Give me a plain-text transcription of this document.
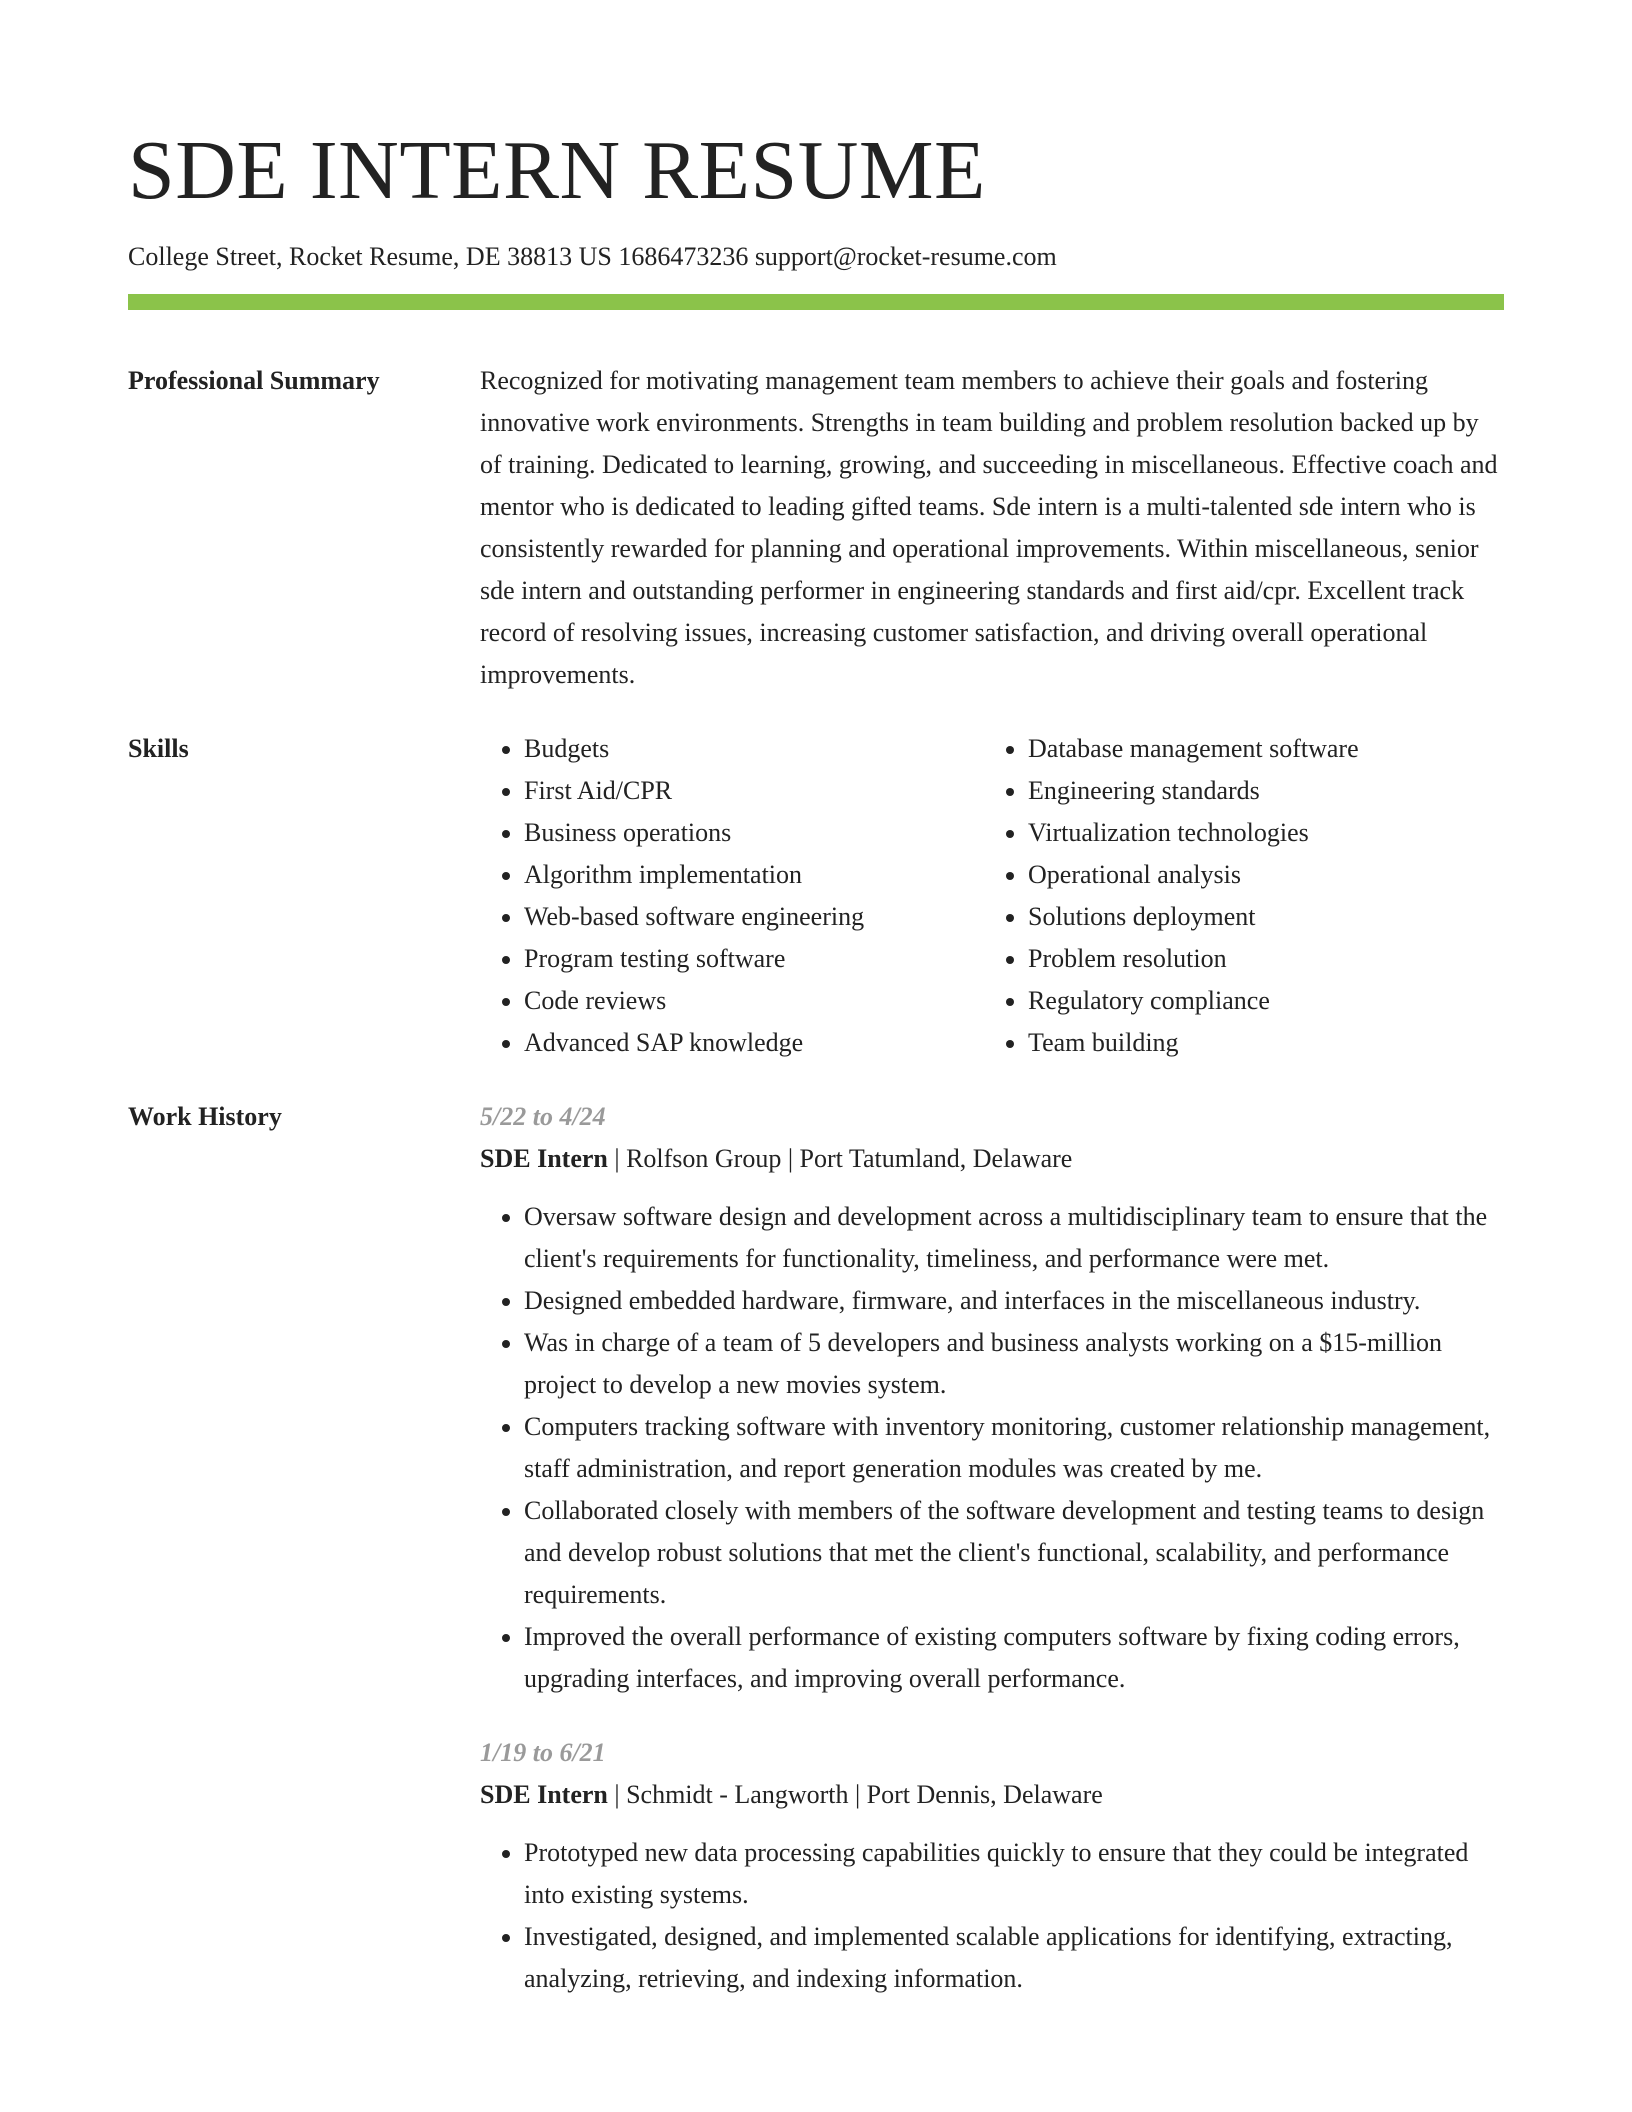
SDE INTERN RESUME
College Street, Rocket Resume, DE 38813 US 1686473236 support@rocket-resume.com
Professional Summary	Recognized for motivating management team members to achieve their goals and fostering innovative work environments. Strengths in team building and problem resolution backed up by of training. Dedicated to learning, growing, and succeeding in miscellaneous. Effective coach and mentor who is dedicated to leading gifted teams. Sde intern is a multi-talented sde intern who is consistently rewarded for planning and operational improvements. Within miscellaneous, senior sde intern and outstanding performer in engineering standards and first aid/cpr. Excellent track record of resolving issues, increasing customer satisfaction, and driving overall operational improvements.

Skills
•	Budgets
• First Aid/CPR
• Business operations
• Algorithm implementation
• Web-based software engineering
• Program testing software
• Code reviews
• Advanced SAP knowledge
• Database management software
• Engineering standards
• Virtualization technologies
• Operational analysis
• Solutions deployment
• Problem resolution
• Regulatory compliance
• Team building
Work History	5/22 to 4/24
SDE Intern | Rolfson Group | Port Tatumland, Delaware
• Oversaw software design and development across a multidisciplinary team to ensure that the client's requirements for functionality, timeliness, and performance were met.
• Designed embedded hardware, firmware, and interfaces in the miscellaneous industry.
• Was in charge of a team of 5 developers and business analysts working on a $15-million project to develop a new movies system.
• Computers tracking software with inventory monitoring, customer relationship management, staff administration, and report generation modules was created by me.
• Collaborated closely with members of the software development and testing teams to design and develop robust solutions that met the client's functional, scalability, and performance requirements.
• Improved the overall performance of existing computers software by fixing coding errors, upgrading interfaces, and improving overall performance.
1/19 to 6/21
SDE Intern | Schmidt - Langworth | Port Dennis, Delaware
• Prototyped new data processing capabilities quickly to ensure that they could be integrated into existing systems.
• Investigated, designed, and implemented scalable applications for identifying, extracting, analyzing, retrieving, and indexing information.
